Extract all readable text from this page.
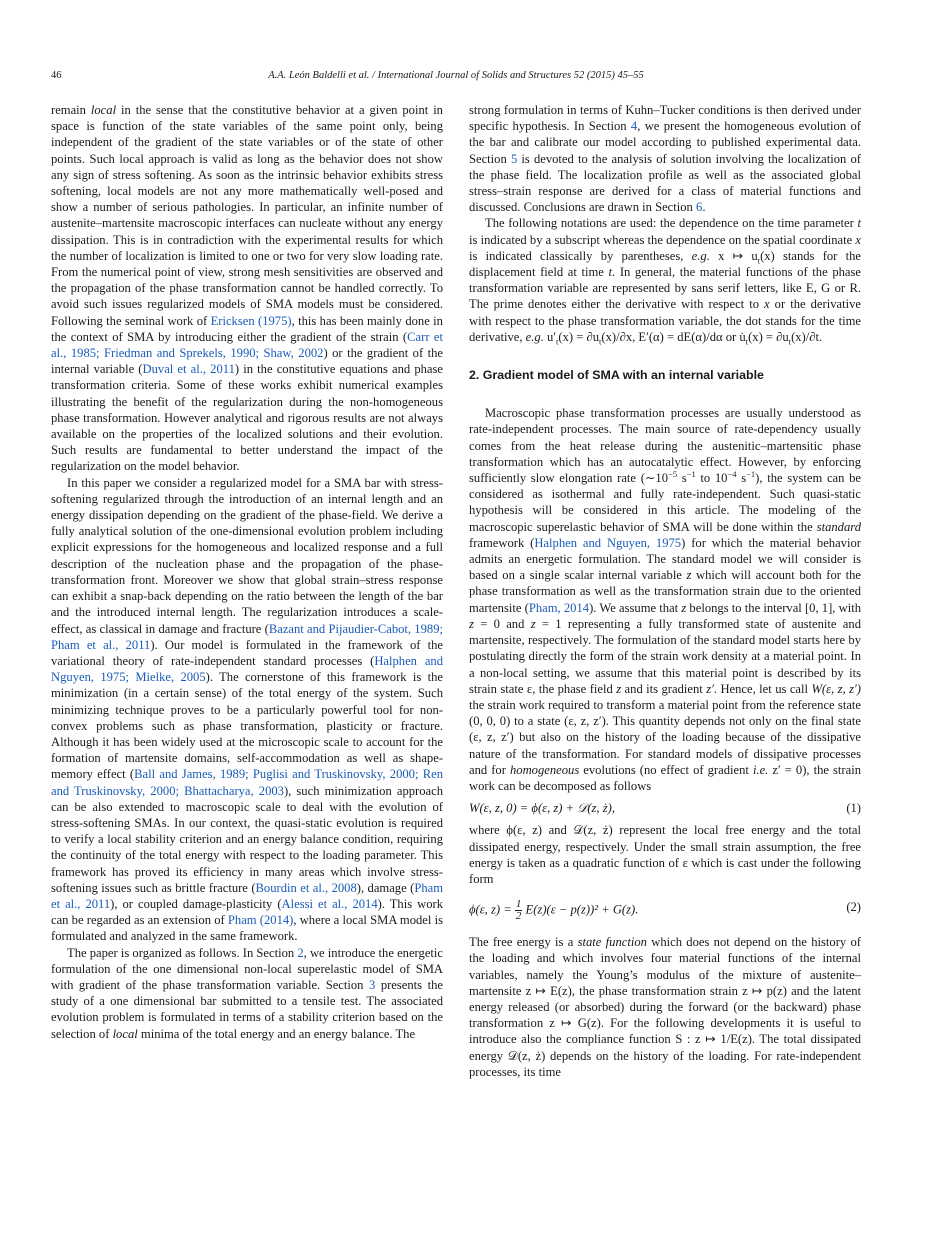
46	A.A. León Baldelli et al. / International Journal of Solids and Structures 52 (2015) 45–55

remain local in the sense that the constitutive behavior at a given point in space is function of the state variables of the same point only, being independent of the gradient of the state variables or of the state of other points. Such local approach is valid as long as the behavior does not show any sign of stress softening. As soon as the intrinsic behavior exhibits stress softening, local models are not any more mathematically well-posed and show a number of serious pathologies. In particular, an infinite number of austenite–martensite macroscopic interfaces can nucleate without any energy dissipation. This is in contradiction with the experimental results for which the number of localization is limited to one or two for very slow loading rate. From the numerical point of view, strong mesh sensitivities are observed and the propagation of the phase transformation cannot be handled correctly. To avoid such issues regularized models of SMA models must be considered. Following the seminal work of Ericksen (1975), this has been mainly done in the context of SMA by introducing either the gradient of the strain (Carr et al., 1985; Friedman and Sprekels, 1990; Shaw, 2002) or the gradient of the internal variable (Duval et al., 2011) in the constitutive equations and phase transformation criteria. Some of these works exhibit numerical examples illustrating the benefit of the regularization during the non-homogeneous phase transformation. However analytical and rigorous results are not always available on the properties of the localized solutions and their evolution. Such results are fundamental to better understand the impact of the regularization on the model behavior.

In this paper we consider a regularized model for a SMA bar with stress-softening regularized through the introduction of an internal length and an energy dissipation depending on the gradient of the phase-field. We derive a fully analytical solution of the one-dimensional evolution problem including explicit expressions for the homogeneous and localized response and a full description of the nucleation phase and the propagation of the phase-transformation front. Moreover we show that global strain–stress response can exhibit a snap-back depending on the ratio between the length of the bar and the introduced internal length. The regularization introduces a scale-effect, as classical in damage and fracture (Bazant and Pijaudier-Cabot, 1989; Pham et al., 2011). Our model is formulated in the framework of the variational theory of rate-independent standard processes (Halphen and Nguyen, 1975; Mielke, 2005). The cornerstone of this framework is the minimization (in a certain sense) of the total energy of the system. Such minimizing technique proves to be a particularly powerful tool for non-convex problems such as phase transformation, plasticity or fracture. Although it has been widely used at the microscopic scale to account for the formation of martensite domains, self-accommodation as well as shape-memory effect (Ball and James, 1989; Puglisi and Truskinovsky, 2000; Ren and Truskinovsky, 2000; Bhattacharya, 2003), such minimization approach can be also extended to macroscopic scale to deal with the evolution of stress-softening SMAs. In our context, the quasi-static evolution is required to verify a local stability criterion and an energy balance condition, requiring the continuity of the total energy with respect to the loading parameter. This framework has proved its efficiency in many areas which involve stress-softening issues such as brittle fracture (Bourdin et al., 2008), damage (Pham et al., 2011), or coupled damage-plasticity (Alessi et al., 2014). This work can be regarded as an extension of Pham (2014), where a local SMA model is formulated and analyzed in the same framework.

The paper is organized as follows. In Section 2, we introduce the energetic formulation of the one dimensional non-local superelastic model of SMA with gradient of the phase transformation variable. Section 3 presents the study of a one dimensional bar submitted to a tensile test. The associated evolution problem is formulated in terms of a stability criterion based on the selection of local minima of the total energy and an energy balance. The

strong formulation in terms of Kuhn–Tucker conditions is then derived under specific hypothesis. In Section 4, we present the homogeneous evolution of the bar and calibrate our model according to published experimental data. Section 5 is devoted to the analysis of solution involving the localization of the phase field. The localization profile as well as the associated global stress–strain response are derived for a class of material functions and discussed. Conclusions are drawn in Section 6.

The following notations are used: the dependence on the time parameter t is indicated by a subscript whereas the dependence on the spatial coordinate x is indicated classically by parentheses, e.g. x ↦ $u_t(x)$ stands for the displacement field at time t. In general, the material functions of the phase transformation variable are represented by sans serif letters, like E, G or R. The prime denotes either the derivative with respect to x or the derivative with respect to the phase transformation variable, the dot stands for the time derivative, e.g. $u'_t(x) = \partial u_t(x)/\partial x$, E′(α) = dE(α)/dα or $u̇_t(x) = \partial u_t(x)/\partial t$.

2. Gradient model of SMA with an internal variable

Macroscopic phase transformation processes are usually understood as rate-independent processes. The main source of rate-dependency usually comes from the heat release during the austenitic–martensitic phase transformation which has an autocatalytic effect. However, by enforcing sufficiently slow elongation rate ($\sim 10^{-5}$ $s^{-1}$ to $10^{-4}$ $s^{-1}$), the system can be considered as isothermal and fully rate-independent. Such quasi-static hypothesis will be considered in this article. The modeling of the macroscopic superelastic behavior of SMA will be done within the standard framework (Halphen and Nguyen, 1975) for which the material behavior admits an energetic formulation. The standard model we will consider is based on a single scalar internal variable z which will account both for the phase transformation as well as the transformation strain due to the oriented martensite (Pham, 2014). We assume that z belongs to the interval [0, 1], with z = 0 and z = 1 representing a fully transformed state of austenite and martensite, respectively. The formulation of the standard model starts here by postulating directly the form of the strain work density at a material point. In a non-local setting, we assume that this material point is described by its strain state ε, the phase field z and its gradient z′. Hence, let us call W(ε, z, z′) the strain work required to transform a material point from the reference state (0, 0, 0) to a state (ε, z, z′). This quantity depends not only on the final state (ε, z, z′) but also on the history of the loading because of the dissipative nature of the transformation. For standard models of dissipative processes and for homogeneous evolutions (no effect of gradient i.e. z′ = 0), the strain work can be decomposed as follows

W(ε, z, 0) = ϕ(ε, z) + 𝒟(z, ż),	(1)

where ϕ(ε, z) and 𝒟(z, ż) represent the local free energy and the total dissipated energy, respectively. Under the small strain assumption, the free energy is taken as a quadratic function of ε which is cast under the following form

ϕ(ε, $z) = \frac{1}{2} E(z)(\varepsilon - p(z))^2 + G(z)$.	(2)

The free energy is a state function which does not depend on the history of the loading and which involves four material functions of the internal variables, namely the Young’s modulus of the mixture of austenite–martensite z ↦ E(z), the phase transformation strain z ↦ p(z) and the latent energy released (or absorbed) during the forward (or the backward) phase transformation z ↦ G(z). For the following developments it is useful to introduce also the compliance function S : z ↦ 1/E(z). The total dissipated energy 𝒟(z, ż) depends on the history of the loading. For rate-independent processes, its time
